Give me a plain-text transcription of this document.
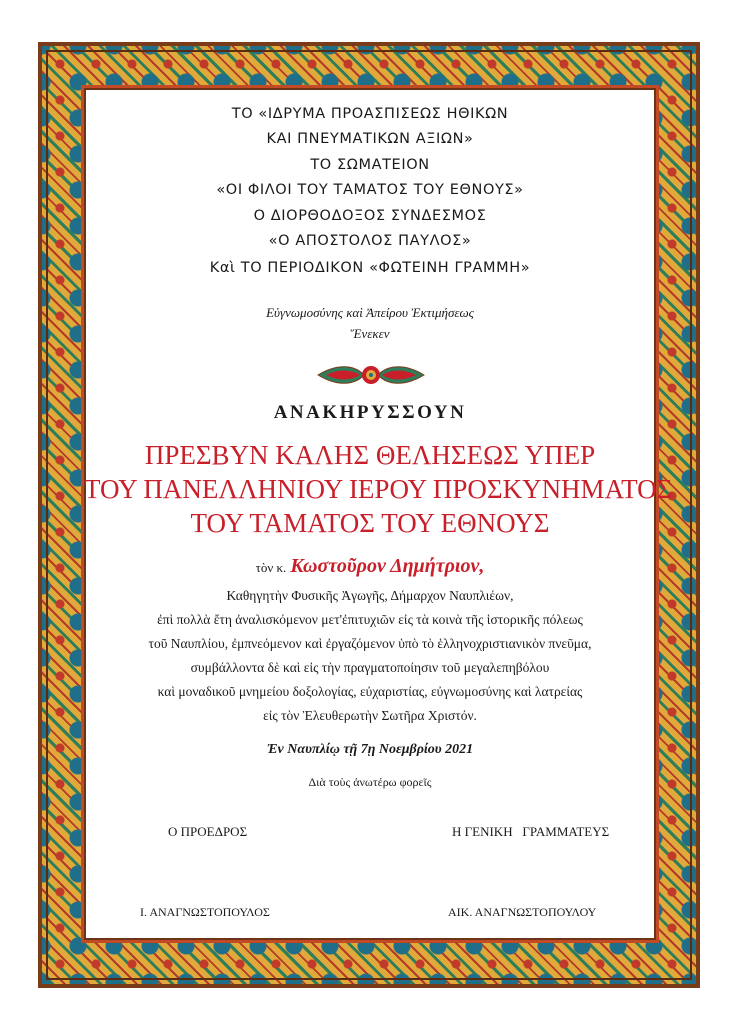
ΤΟ «ΙΔΡΥΜΑ ΠΡΟΑΣΠΙΣΕΩΣ ΗΘΙΚΩΝ
ΚΑΙ ΠΝΕΥΜΑΤΙΚΩΝ ΑΞΙΩΝ»
ΤΟ ΣΩΜΑΤΕΙΟΝ
«ΟΙ ΦΙΛΟΙ ΤΟΥ ΤΑΜΑΤΟΣ ΤΟΥ ΕΘΝΟΥΣ»
Ο ΔΙΟΡΘΟΔΟΞΟΣ ΣΥΝΔΕΣΜΟΣ
«Ο ΑΠΟΣΤΟΛΟΣ ΠΑΥΛΟΣ»
Καὶ ΤΟ ΠΕΡΙΟΔΙΚΟΝ «ΦΩΤΕΙΝΗ ΓΡΑΜΜΗ»
Εὐγνωμοσύνης καὶ Ἀπείρου Ἐκτιμήσεως
Ἕνεκεν
ΑΝΑΚΗΡΥΣΣΟΥΝ
ΠΡΕΣΒΥΝ ΚΑΛΗΣ ΘΕΛΗΣΕΩΣ ΥΠΕΡ
ΤΟΥ ΠΑΝΕΛΛΗΝΙΟΥ ΙΕΡΟΥ ΠΡΟΣΚΥΝΗΜΑΤΟΣ
ΤΟΥ ΤΑΜΑΤΟΣ ΤΟΥ ΕΘΝΟΥΣ
τὸν κ. Κωστοῦρον Δημήτριον,
Καθηγητὴν Φυσικῆς Ἀγωγῆς, Δήμαρχον Ναυπλιέων,
ἐπὶ πολλὰ ἔτη ἀναλισκόμενον μετ'ἐπιτυχιῶν εἰς τὰ κοινὰ τῆς ἱστορικῆς πόλεως
τοῦ Ναυπλίου, ἐμπνεόμενον καὶ ἐργαζόμενον ὑπὸ τὸ ἑλληνοχριστιανικὸν πνεῦμα,
συμβάλλοντα δὲ καὶ εἰς τὴν πραγματοποίησιν τοῦ μεγαλεπηβόλου
καὶ μοναδικοῦ μνημείου δοξολογίας, εὐχαριστίας, εὐγνωμοσύνης καὶ λατρείας
εἰς τὸν Ἐλευθερωτὴν Σωτῆρα Χριστόν.
Ἐν Ναυπλίῳ τῇ 7ῃ Νοεμβρίου 2021
Διὰ τοὺς ἀνωτέρω φορεῖς
Ο ΠΡΟΕΔΡΟΣ	Η ΓΕΝΙΚΗ   ΓΡΑΜΜΑΤΕΥΣ
Ι. ΑΝΑΓΝΩΣΤΟΠΟΥΛΟΣ	ΑΙΚ. ΑΝΑΓΝΩΣΤΟΠΟΥΛΟΥ
